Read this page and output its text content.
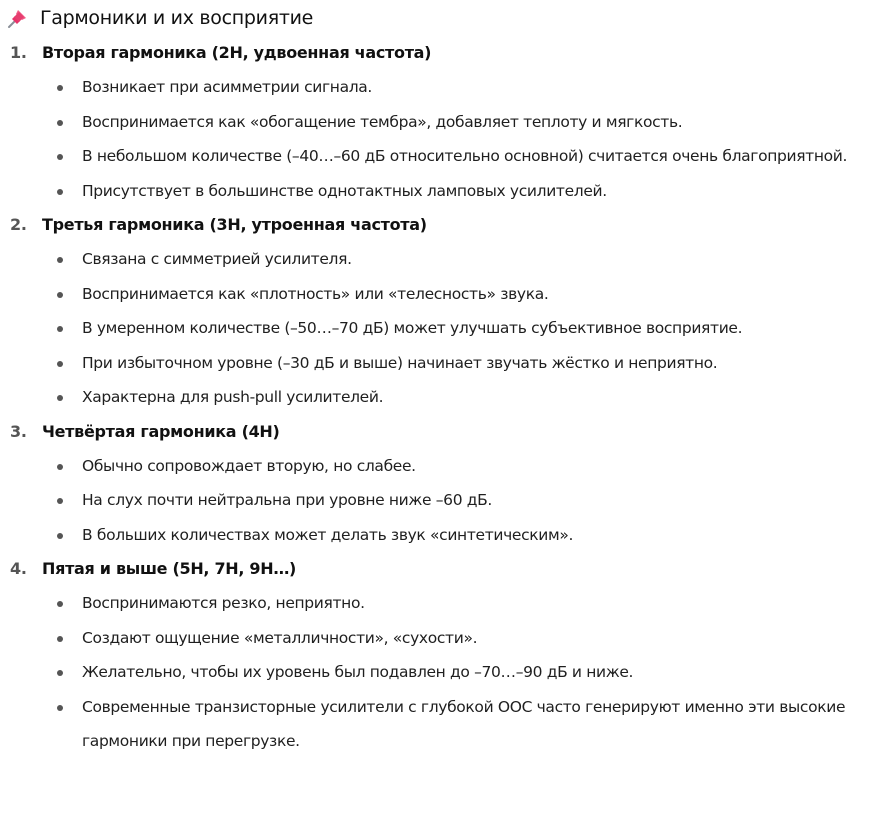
Гармоники и их восприятие
1. Вторая гармоника (2H, удвоенная частота)
Возникает при асимметрии сигнала.
Воспринимается как «обогащение тембра», добавляет теплоту и мягкость.
В небольшом количестве (–40…–60 дБ относительно основной) считается очень благоприятной.
Присутствует в большинстве однотактных ламповых усилителей.
2. Третья гармоника (3H, утроенная частота)
Связана с симметрией усилителя.
Воспринимается как «плотность» или «телесность» звука.
В умеренном количестве (–50…–70 дБ) может улучшать субъективное восприятие.
При избыточном уровне (–30 дБ и выше) начинает звучать жёстко и неприятно.
Характерна для push-pull усилителей.
3. Четвёртая гармоника (4H)
Обычно сопровождает вторую, но слабее.
На слух почти нейтральна при уровне ниже –60 дБ.
В больших количествах может делать звук «синтетическим».
4. Пятая и выше (5H, 7H, 9H…)
Воспринимаются резко, неприятно.
Создают ощущение «металличности», «сухости».
Желательно, чтобы их уровень был подавлен до –70…–90 дБ и ниже.
Современные транзисторные усилители с глубокой ООС часто генерируют именно эти высокие гармоники при перегрузке.
